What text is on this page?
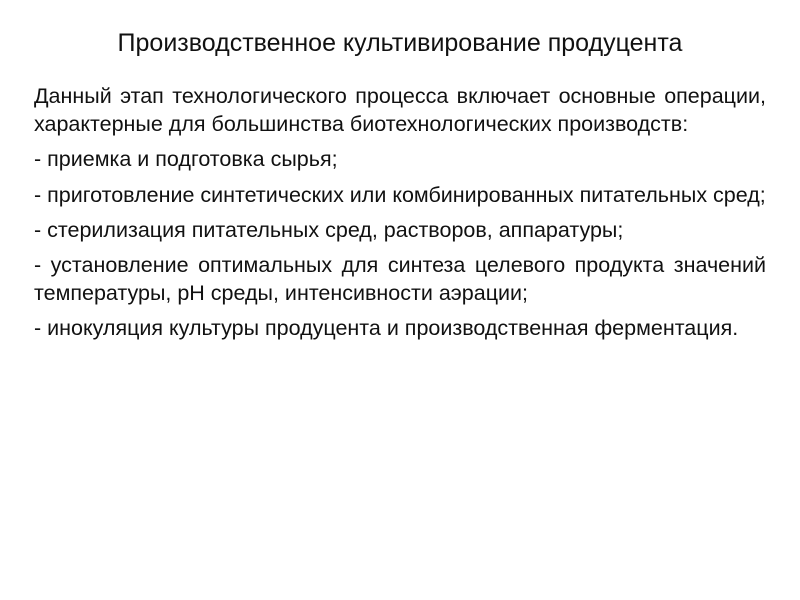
Производственное культивирование продуцента

Данный этап технологического процесса включает основные операции, характерные для большинства биотехнологических производств:

- приемка и подготовка сырья;

- приготовление синтетических или комбинированных питательных сред;

- стерилизация питательных сред, растворов, аппаратуры;

- установление оптимальных для синтеза целевого продукта значений температуры, рН среды, интенсивности аэрации;

- инокуляция культуры продуцента и производственная ферментация.
